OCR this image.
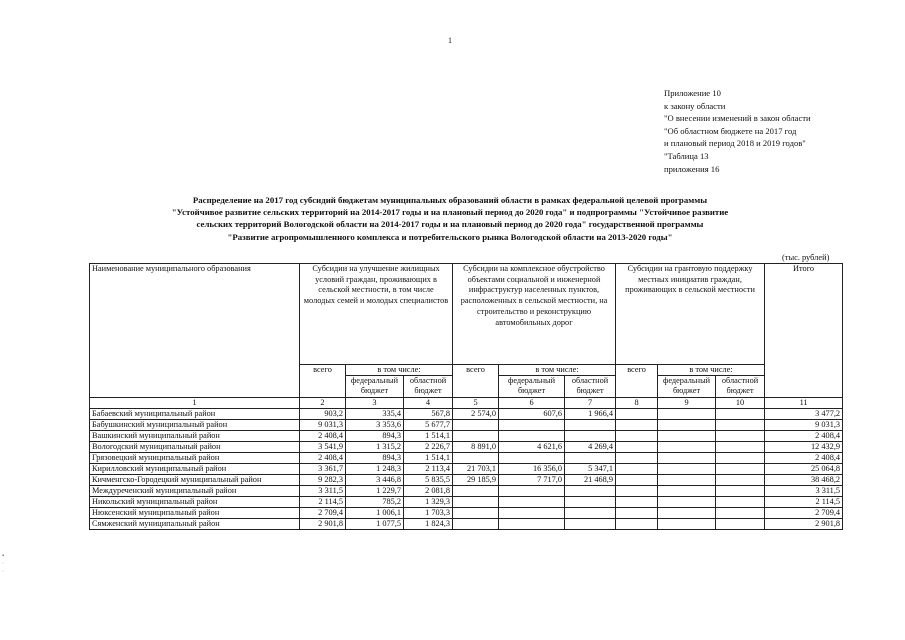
1
Приложение 10
к закону области
"О внесении изменений в закон области
"Об областном бюджете на 2017 год
и плановый период 2018 и 2019 годов"
"Таблица 13
приложения 16
Распределение на 2017 год субсидий бюджетам муниципальных образований области в рамках федеральной целевой программы
"Устойчивое развитие сельских территорий на 2014-2017 годы и на плановый период до 2020 года" и подпрограммы "Устойчивое развитие
сельских территорий Вологодской области на 2014-2017 годы и на плановый период до 2020 года" государственной программы
"Развитие агропромышленного комплекса и потребительского рынка Вологодской области на 2013-2020 годы"
(тыс. рублей)
Наименование муниципального образования	Субсидии на улучшение жилищных условий граждан, проживающих в сельской местности, в том числе молодых семей и молодых специалистов			Субсидии на комплексное обустройство объектами социальной и инженерной инфраструктур населенных пунктов, расположенных в сельской местности, на строительство и реконструкцию автомобильных дорог			Субсидии на грантовую поддержку местных инициатив граждан, проживающих в сельской местности			Итого
	всего	в том числе:		всего	в том числе:		всего	в том числе:		
		федеральный бюджет	областной бюджет		федеральный бюджет	областной бюджет		федеральный бюджет	областной бюджет	
1	2	3	4	5	6	7	8	9	10	11
Бабаевский муниципальный район	903,2	335,4	567,8	2 574,0	607,6	1 966,4				3 477,2
Бабушкинский муниципальный район	9 031,3	3 353,6	5 677,7							9 031,3
Вашкинский муниципальный район	2 408,4	894,3	1 514,1							2 408,4
Вологодский муниципальный район	3 541,9	1 315,2	2 226,7	8 891,0	4 621,6	4 269,4				12 432,9
Грязовецкий муниципальный район	2 408,4	894,3	1 514,1							2 408,4
Кирилловский муниципальный район	3 361,7	1 248,3	2 113,4	21 703,1	16 356,0	5 347,1				25 064,8
Кичменгско-Городецкий муниципальный район	9 282,3	3 446,8	5 835,5	29 185,9	7 717,0	21 468,9				38 468,2
Междуреченский муниципальный район	3 311,5	1 229,7	2 081,8							3 311,5
Никольский муниципальный район	2 114,5	785,2	1 329,3							2 114,5
Нюксенский муниципальный район	2 709,4	1 006,1	1 703,3							2 709,4
Сямженский муниципальный район	2 901,8	1 077,5	1 824,3							2 901,8
▪
·
·
